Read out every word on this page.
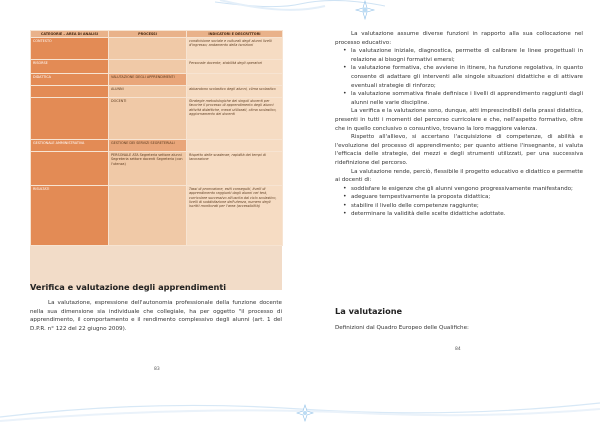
CATEGORIE – AREA DI ANALISI	PROCESSI	INDICATORI E DESCRITTORI
CONTESTO		condivisione sociale e culturali degli alunni livelli d'ingresso; andamento della iscrizioni
RISORSE		Personale docente, stabilità degli operatori
DIDATTICA	VALUTAZIONE DEGLI APPRENDIMENTI	
	ALUNNI	abbandono scolastico degli alunni, clima scolastico
	DOCENTI	Strategie metodologiche dei singoli docenti per favorire il processo di apprendimento degli alunni attività didattiche, mezzi utilizzati, clima scolastico, aggiornamento dei docenti
GESTIONALE AMMINISTRATIVA	GESTIONE DEI SERVIZI SEGRETERIALI	
	PERSONALE ATA Segreteria settore alunni Segreteria settore docenti Segreteria (con l'utenza)	Rispetto delle scadenze, rapidità dei tempi di lavorazione
RISULTATI		Tassi di promozione, esiti conseguiti, livelli di apprendimento raggiunti dagli alunni nei test, curricolare successivo all'uscita dal ciclo scolastico, livelli di soddisfazione dell'utenza, numero degli iscritti monitorati per l'area (accessibilità)
Verifica e valutazione degli apprendimenti

La valutazione, espressione dell'autonomia professionale della funzione docente nella sua dimensione sia individuale che collegiale, ha per oggetto "il processo di apprendimento, il comportamento e il rendimento complessivo degli alunni (art. 1 del D.P.R. n° 122 del 22 giugno 2009).

83

La valutazione assume diverse funzioni in rapporto alla sua collocazione nel processo educativo:

• la valutazione iniziale, diagnostica, permette di calibrare le linee progettuali in relazione ai bisogni formativi emersi;
• la valutazione formativa, che avviene in itinere, ha funzione regolativa, in quanto consente di adattare gli interventi alle singole situazioni didattiche e di attivare eventuali strategie di rinforzo;
• la valutazione sommativa finale definisce i livelli di apprendimento raggiunti dagli alunni nelle varie discipline.

La verifica e la valutazione sono, dunque, atti imprescindibili della prassi didattica, presenti in tutti i momenti del percorso curricolare e che, nell'aspetto formativo, oltre che in quello conclusivo o consuntivo, trovano la loro maggiore valenza.

Rispetto all'allievo, si accertano l'acquisizione di competenze, di abilità e l'evoluzione del processo di apprendimento; per quanto attiene l'insegnante, si valuta l'efficacia delle strategie, dei mezzi e degli strumenti utilizzati, per una successiva ridefinizione del percorso.

La valutazione rende, perciò, flessibile il progetto educativo e didattico e permette ai docenti di:

• soddisfare le esigenze che gli alunni vengono progressivamente manifestando;
• adeguare tempestivamente la proposta didattica;
• stabilire il livello delle competenze raggiunte;
• determinare la validità delle scelte didattiche adottate.
La valutazione

Definizioni dal Quadro Europeo delle Qualifiche:

84
